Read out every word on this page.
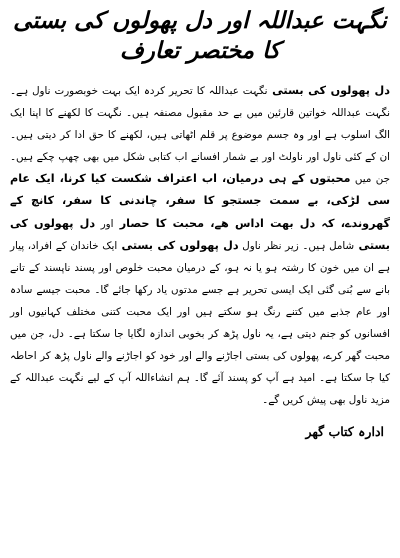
نگہت عبداللہ اور دل پھولوں کی بستی کا مختصر تعارف

دل پھولوں کی بستی نگہت عبداللہ کا تحریر کردہ ایک بہت خوبصورت ناول ہے۔ نگہت عبداللہ خواتین قارئین میں بے حد مقبول مصنفہ ہیں۔ نگہت کا لکھنے کا اپنا ایک الگ اسلوب ہے اور وہ جسم موضوع پر قلم اٹھاتی ہیں، لکھنے کا حق ادا کر دیتی ہیں۔ ان کے کئی ناول اور ناولٹ اور بے شمار افسانے اب کتابی شکل میں بھی چھپ چکے ہیں۔ جن میں محبتوں کے ہی درمیان، اب اعتراف شکست کیا کرنا، ایک عام سی لڑکی، بے سمت جستجو کا سفر، چاندنی کا سفر، کانچ کے گھروندے، کہ دل بھت اداس ھے، محبت کا حصار اور دل پھولوں کی بستی شامل ہیں۔ زیر نظر ناول دل پھولوں کی بستی ایک خاندان کے افراد، پیار ہے ان میں خون کا رشتہ ہو یا نہ ہو، کے درمیان محبت خلوص اور پسند ناپسند کے تانے بانے سے بُنی گئی ایک ایسی تحریر ہے جسے مدتوں یاد رکھا جائے گا۔ محبت جیسے سادہ اور عام جذبے میں کتنے رنگ ہو سکتے ہیں اور ایک محبت کتنی مختلف کہانیوں اور افسانوں کو جنم دیتی ہے، یہ ناول پڑھ کر بخوبی اندازہ لگایا جا سکتا ہے۔ دل، جن میں محبت گھر کرے، پھولوں کی بستی اجاڑنے والے اور خود کو اجاڑنے والے ناول پڑھ کر احاطہ کیا جا سکتا ہے۔ امید ہے آپ کو پسند آئے گا۔ ہم انشاءاللہ آپ کے لیے نگہت عبداللہ کے مزید ناول بھی پیش کریں گے۔

ادارہ کتاب گھر
